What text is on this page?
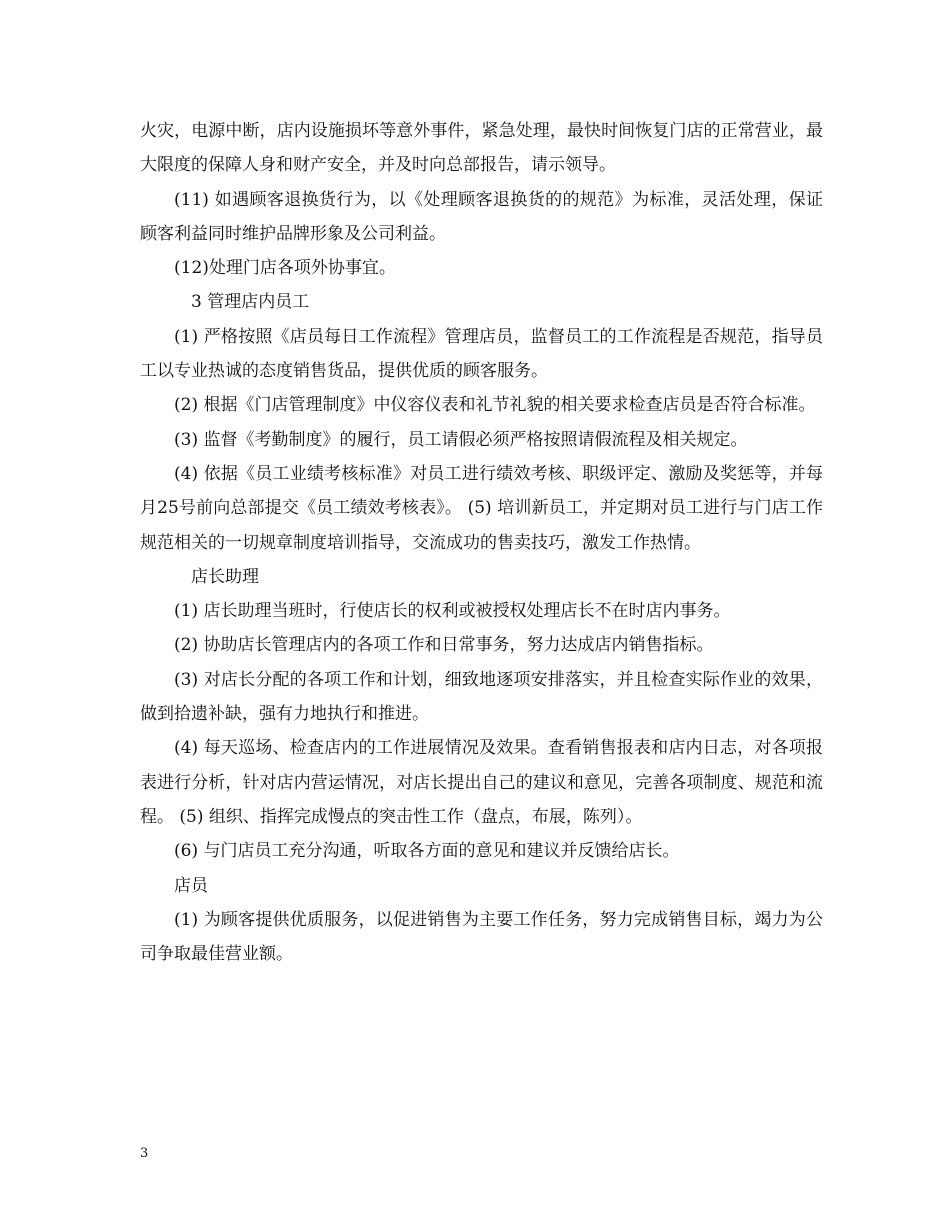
火灾，电源中断，店内设施损坏等意外事件，紧急处理，最快时间恢复门店的正常营业，最大限度的保障人身和财产安全，并及时向总部报告，请示领导。

(11) 如遇顾客退换货行为，以《处理顾客退换货的的规范》为标准，灵活处理，保证顾客利益同时维护品牌形象及公司利益。

(12)处理门店各项外协事宜。

3 管理店内员工

(1) 严格按照《店员每日工作流程》管理店员，监督员工的工作流程是否规范，指导员工以专业热诚的态度销售货品，提供优质的顾客服务。

(2) 根据《门店管理制度》中仪容仪表和礼节礼貌的相关要求检查店员是否符合标准。

(3) 监督《考勤制度》的履行，员工请假必须严格按照请假流程及相关规定。

(4) 依据《员工业绩考核标准》对员工进行绩效考核、职级评定、激励及奖惩等，并每月25号前向总部提交《员工绩效考核表》。 (5) 培训新员工，并定期对员工进行与门店工作规范相关的一切规章制度培训指导，交流成功的售卖技巧，激发工作热情。

店长助理

(1) 店长助理当班时，行使店长的权利或被授权处理店长不在时店内事务。

(2) 协助店长管理店内的各项工作和日常事务，努力达成店内销售指标。

(3) 对店长分配的各项工作和计划，细致地逐项安排落实，并且检查实际作业的效果，做到拾遗补缺，强有力地执行和推进。

(4) 每天巡场、检查店内的工作进展情况及效果。查看销售报表和店内日志，对各项报表进行分析，针对店内营运情况，对店长提出自己的建议和意见，完善各项制度、规范和流程。 (5) 组织、指挥完成慢点的突击性工作（盘点，布展，陈列）。

(6) 与门店员工充分沟通，听取各方面的意见和建议并反馈给店长。

店员

(1) 为顾客提供优质服务，以促进销售为主要工作任务，努力完成销售目标，竭力为公司争取最佳营业额。

3
